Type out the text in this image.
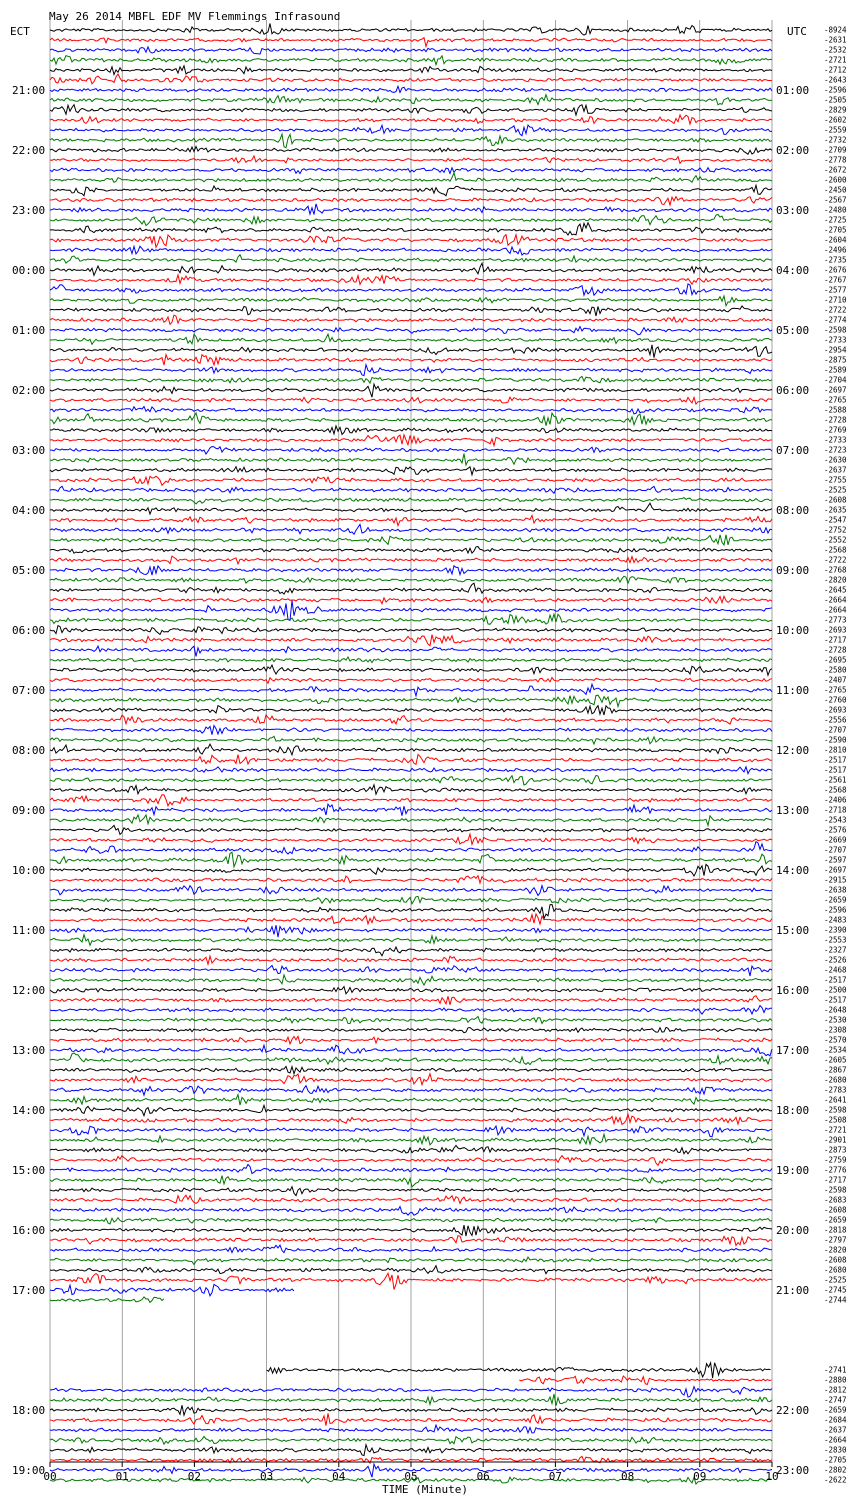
May 26 2014 MBFL EDF MV Flemmings Infrasound
ECT	UTC
21:00
22:00
23:00
00:00
01:00
02:00
03:00
04:00
05:00
06:00
07:00
08:00
09:00
10:00
11:00
12:00
13:00
14:00
15:00
16:00
17:00
18:00
19:00
01:00
02:00
03:00
04:00
05:00
06:00
07:00
08:00
09:00
10:00
11:00
12:00
13:00
14:00
15:00
16:00
17:00
18:00
19:00
20:00
21:00
22:00
23:00
-8924
-2631
-2532
-2721
-2712
-2643
-2596
-2505
-2829
-2602
-2559
-2732
-2709
-2778
-2672
-2600
-2450
-2567
-2480
-2725
-2705
-2604
-2496
-2735
-2676
-2767
-2577
-2710
-2722
-2774
-2598
-2733
-2954
-2875
-2589
-2704
-2697
-2765
-2588
-2728
-2769
-2733
-2723
-2630
-2637
-2755
-2525
-2608
-2635
-2547
-2752
-2552
-2568
-2722
-2768
-2820
-2645
-2664
-2664
-2773
-2693
-2717
-2728
-2695
-2580
-2407
-2765
-2760
-2693
-2556
-2707
-2590
-2810
-2517
-2517
-2561
-2568
-2406
-2718
-2543
-2576
-2669
-2707
-2597
-2697
-2915
-2638
-2659
-2596
-2483
-2390
-2553
-2327
-2526
-2468
-2517
-2500
-2517
-2648
-2530
-2308
-2570
-2534
-2605
-2867
-2680
-2783
-2641
-2598
-2508
-2721
-2901
-2873
-2759
-2776
-2717
-2598
-2683
-2608
-2659
-2818
-2797
-2820
-2608
-2680
-2525
-2745
-2744
-2741
-2880
-2812
-2747
-2659
-2684
-2637
-2664
-2830
-2705
-2802
-2622
00	01	02	03	04	05	06	07	08	09	10
TIME (Minute)
